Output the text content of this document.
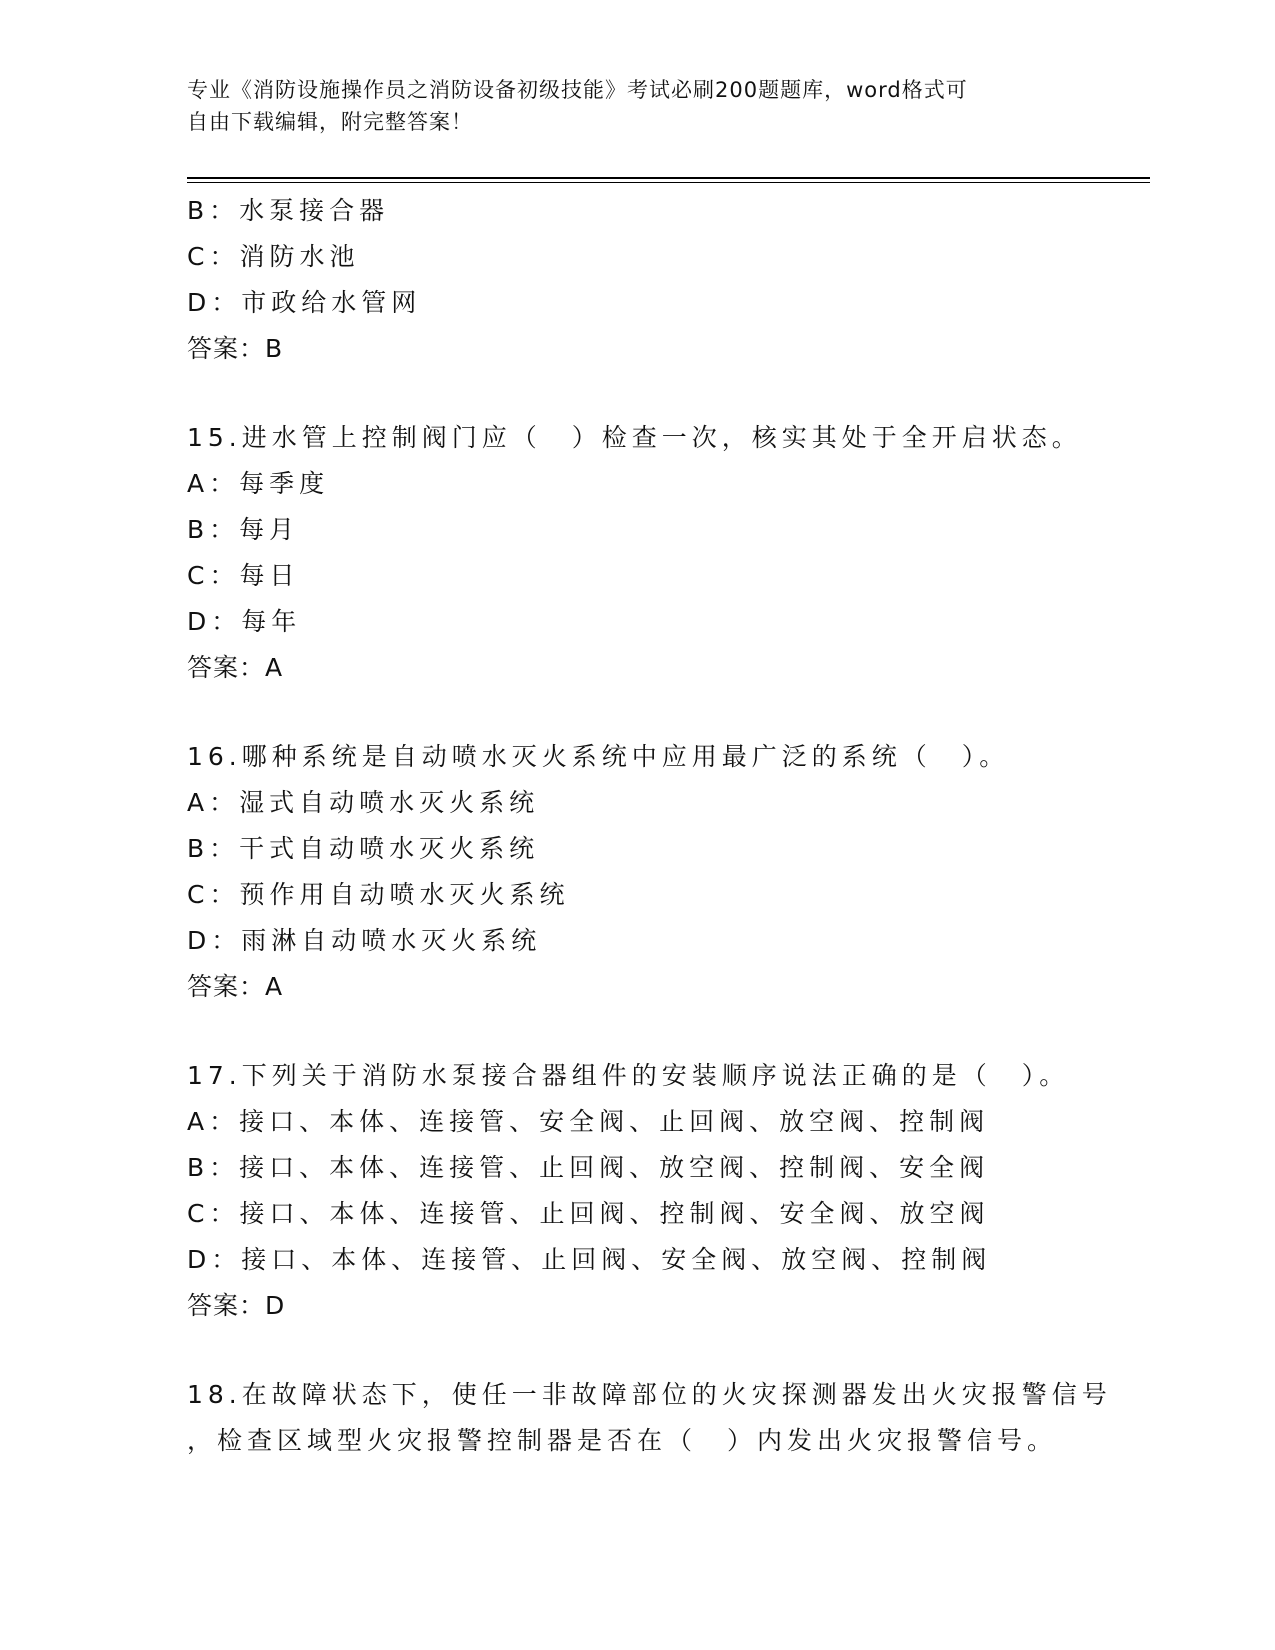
专业《消防设施操作员之消防设备初级技能》考试必刷200题题库，word格式可
自由下载编辑，附完整答案！
B：水泵接合器
C：消防水池
D：市政给水管网
答案：B
15.进水管上控制阀门应（　）检查一次，核实其处于全开启状态。
A：每季度
B：每月
C：每日
D：每年
答案：A
16.哪种系统是自动喷水灭火系统中应用最广泛的系统（　）。
A：湿式自动喷水灭火系统
B：干式自动喷水灭火系统
C：预作用自动喷水灭火系统
D：雨淋自动喷水灭火系统
答案：A
17.下列关于消防水泵接合器组件的安装顺序说法正确的是（　）。
A：接口、本体、连接管、安全阀、止回阀、放空阀、控制阀
B：接口、本体、连接管、止回阀、放空阀、控制阀、安全阀
C：接口、本体、连接管、止回阀、控制阀、安全阀、放空阀
D：接口、本体、连接管、止回阀、安全阀、放空阀、控制阀
答案：D
18.在故障状态下，使任一非故障部位的火灾探测器发出火灾报警信号
，检查区域型火灾报警控制器是否在（　）内发出火灾报警信号。
